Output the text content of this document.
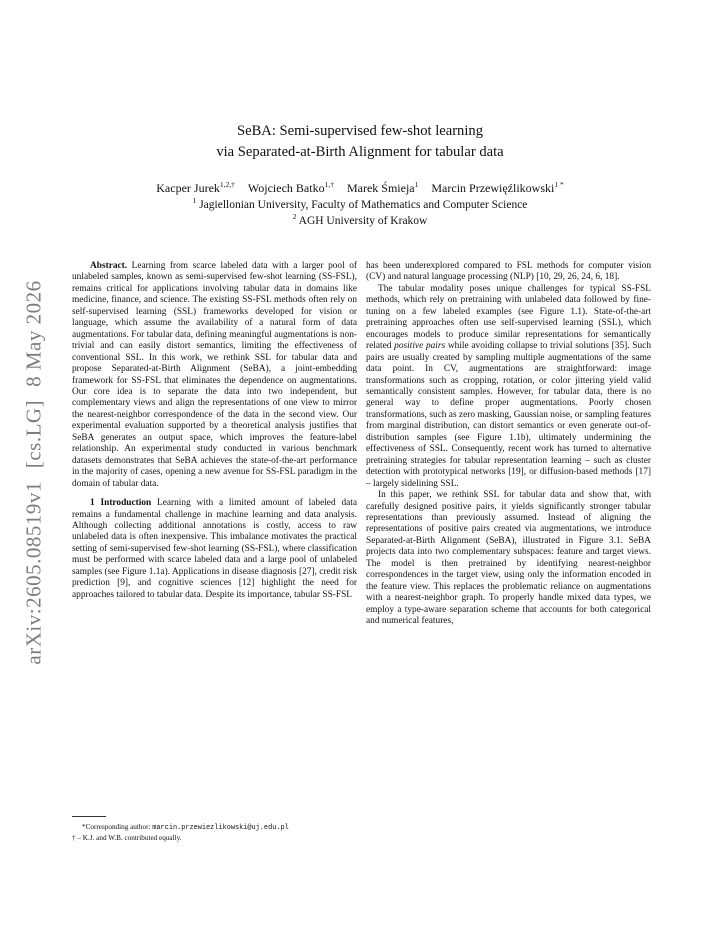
arXiv:2605.08519v1[cs.LG]8 May 2026
SeBA: Semi-supervised few-shot learning
via Separated-at-Birth Alignment for tabular data
Kacper Jurek$^{1,2,\dagger}$ Wojciech Batko$^{1,\dagger}$ Marek Śmieja$^1$ Marcin Przewięźlikowski$^{1 *}$
$^1$ Jagiellonian University, Faculty of Mathematics and Computer Science
$^2$ AGH University of Krakow

Abstract. Learning from scarce labeled data with a larger pool of unlabeled samples, known as semi-supervised few-shot learning (SS-FSL), remains critical for applications involving tabular data in domains like medicine, finance, and science. The existing SS-FSL methods often rely on self-supervised learning (SSL) frameworks developed for vision or language, which assume the availability of a natural form of data augmentations. For tabular data, defining meaningful augmentations is non-trivial and can easily distort semantics, limiting the effectiveness of conventional SSL. In this work, we rethink SSL for tabular data and propose Separated-at-Birth Alignment (SeBA), a joint-embedding framework for SS-FSL that eliminates the dependence on augmentations. Our core idea is to separate the data into two independent, but complementary views and align the representations of one view to mirror the nearest-neighbor correspondence of the data in the second view. Our experimental evaluation supported by a theoretical analysis justifies that SeBA generates an output space, which improves the feature-label relationship. An experimental study conducted in various benchmark datasets demonstrates that SeBA achieves the state-of-the-art performance in the majority of cases, opening a new avenue for SS-FSL paradigm in the domain of tabular data.

1 Introduction Learning with a limited amount of labeled data remains a fundamental challenge in machine learning and data analysis. Although collecting additional annotations is costly, access to raw unlabeled data is often inexpensive. This imbalance motivates the practical setting of semi-supervised few-shot learning (SS-FSL), where classification must be performed with scarce labeled data and a large pool of unlabeled samples (see Figure 1.1a). Applications in disease diagnosis [27], credit risk prediction [9], and cognitive sciences [12] highlight the need for approaches tailored to tabular data. Despite its importance, tabular SS-FSL

has been underexplored compared to FSL methods for computer vision (CV) and natural language processing (NLP) [10, 29, 26, 24, 6, 18].

The tabular modality poses unique challenges for typical SS-FSL methods, which rely on pretraining with unlabeled data followed by fine-tuning on a few labeled examples (see Figure 1.1). State-of-the-art pretraining approaches often use self-supervised learning (SSL), which encourages models to produce similar representations for semantically related positive pairs while avoiding collapse to trivial solutions [35]. Such pairs are usually created by sampling multiple augmentations of the same data point. In CV, augmentations are straightforward: image transformations such as cropping, rotation, or color jittering yield valid semantically consistent samples. However, for tabular data, there is no general way to define proper augmentations. Poorly chosen transformations, such as zero masking, Gaussian noise, or sampling features from marginal distribution, can distort semantics or even generate out-of-distribution samples (see Figure 1.1b), ultimately undermining the effectiveness of SSL. Consequently, recent work has turned to alternative pretraining strategies for tabular representation learning – such as cluster detection with prototypical networks [19], or diffusion-based methods [17] – largely sidelining SSL.

In this paper, we rethink SSL for tabular data and show that, with carefully designed positive pairs, it yields significantly stronger tabular representations than previously assumed. Instead of aligning the representations of positive pairs created via augmentations, we introduce Separated-at-Birth Alignment (SeBA), illustrated in Figure 3.1. SeBA projects data into two complementary subspaces: feature and target views. The model is then pretrained by identifying nearest-neighbor correspondences in the target view, using only the information encoded in the feature view. This replaces the problematic reliance on augmentations with a nearest-neighbor graph. To properly handle mixed data types, we employ a type-aware separation scheme that accounts for both categorical and numerical features,

*Corresponding author: marcin.przewiezlikowski@uj.edu.pl

† – K.J. and W.B. contributed equally.
